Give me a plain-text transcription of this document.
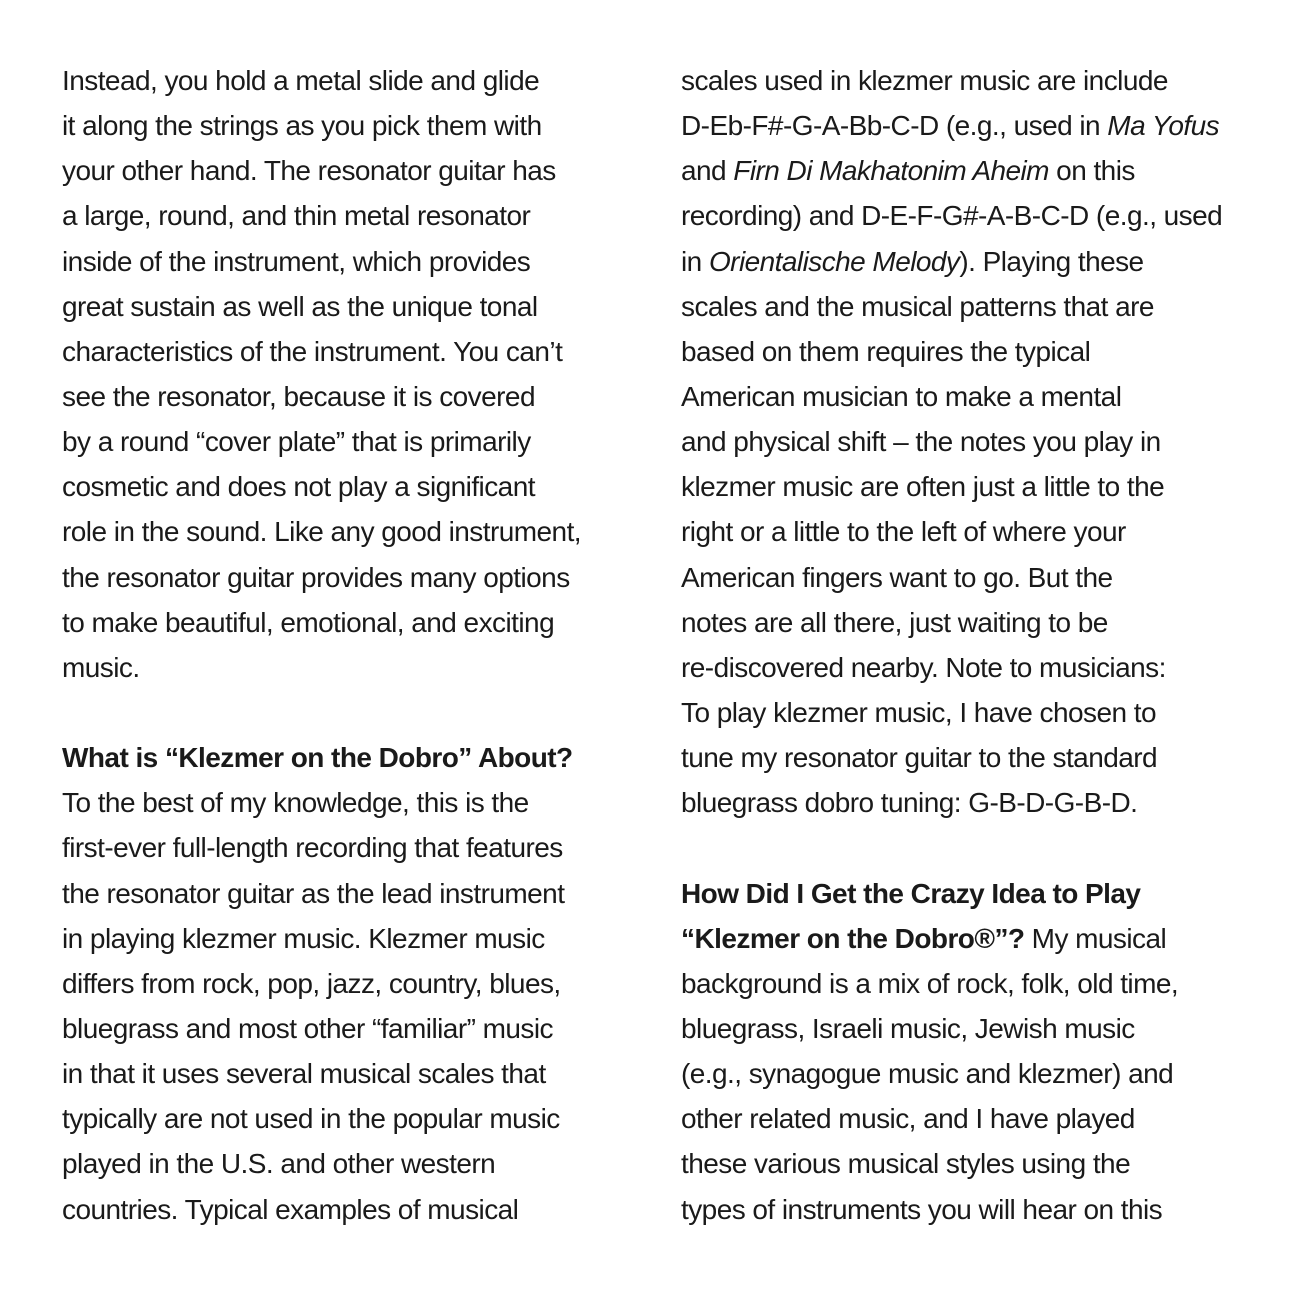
Instead, you hold a metal slide and glide
it along the strings as you pick them with
your other hand. The resonator guitar has
a large, round, and thin metal resonator
inside of the instrument, which provides
great sustain as well as the unique tonal
characteristics of the instrument. You can’t
see the resonator, because it is covered
by a round “cover plate” that is primarily
cosmetic and does not play a significant
role in the sound. Like any good instrument,
the resonator guitar provides many options
to make beautiful, emotional, and exciting
music.
What is “Klezmer on the Dobro” About?
To the best of my knowledge, this is the
first-ever full-length recording that features
the resonator guitar as the lead instrument
in playing klezmer music. Klezmer music
differs from rock, pop, jazz, country, blues,
bluegrass and most other “familiar” music
in that it uses several musical scales that
typically are not used in the popular music
played in the U.S. and other western
countries. Typical examples of musical
scales used in klezmer music are include
D-Eb-F#-G-A-Bb-C-D (e.g., used in Ma Yofus
and Firn Di Makhatonim Aheim on this
recording) and D-E-F-G#-A-B-C-D (e.g., used
in Orientalische Melody). Playing these
scales and the musical patterns that are
based on them requires the typical
American musician to make a mental
and physical shift – the notes you play in
klezmer music are often just a little to the
right or a little to the left of where your
American fingers want to go. But the
notes are all there, just waiting to be
re-discovered nearby. Note to musicians:
To play klezmer music, I have chosen to
tune my resonator guitar to the standard
bluegrass dobro tuning: G-B-D-G-B-D.
How Did I Get the Crazy Idea to Play
“Klezmer on the Dobro®”? My musical
background is a mix of rock, folk, old time,
bluegrass, Israeli music, Jewish music
(e.g., synagogue music and klezmer) and
other related music, and I have played
these various musical styles using the
types of instruments you will hear on this
